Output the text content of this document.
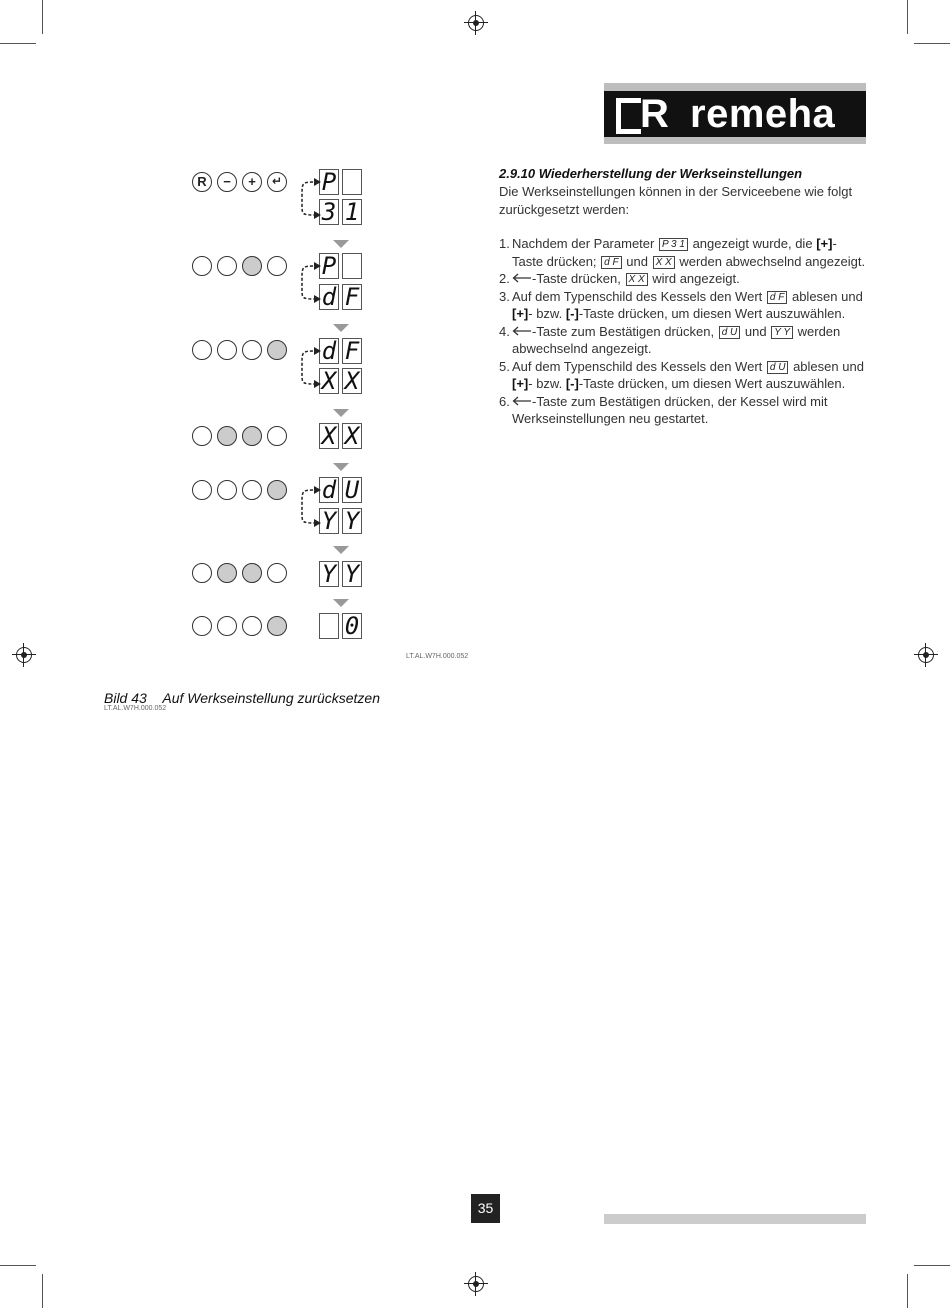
R remeha
2.9.10 Wiederherstellung der Werkseinstellungen
Die Werkseinstellungen können in der Serviceebene wie folgt zurückgesetzt werden:
1. Nachdem der Parameter P 3 1 angezeigt wurde, die [+]-Taste drücken; d F und X X werden abwechselnd angezeigt.
2. -Taste drücken, X X wird angezeigt.
3. Auf dem Typenschild des Kessels den Wert d F ablesen und [+]- bzw. [-]-Taste drücken, um diesen Wert auszuwählen.
4. -Taste zum Bestätigen drücken, d U und Y Y werden abwechselnd angezeigt.
5. Auf dem Typenschild des Kessels den Wert d U ablesen und [+]- bzw. [-]-Taste drücken, um diesen Wert auszuwählen.
6. -Taste zum Bestätigen drücken, der Kessel wird mit Werkseinstellungen neu gestartet.
R	−	+	↵ P
3 1
P
d F
d F
X X
X X
d U
Y Y
Y Y
0
LT.AL.W7H.000.052
Bild 43 Auf Werkseinstellung zurücksetzen
LT.AL.W7H.000.052
35
